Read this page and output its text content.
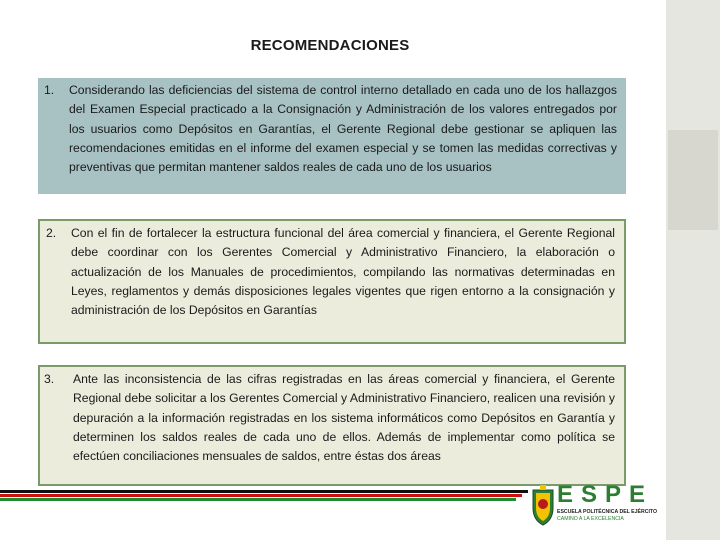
RECOMENDACIONES
1. Considerando las deficiencias del sistema de control interno detallado en cada uno de los hallazgos del Examen Especial practicado a la Consignación y Administración de los valores entregados por los usuarios como Depósitos en Garantías, el Gerente Regional debe gestionar se apliquen las recomendaciones emitidas en el informe del examen especial y se tomen las medidas correctivas y preventivas que permitan mantener saldos reales de cada uno de los usuarios
2. Con el fin de fortalecer la estructura funcional del área comercial y financiera, el Gerente Regional debe coordinar con los Gerentes Comercial y Administrativo Financiero, la elaboración o actualización de los Manuales de procedimientos, compilando las normativas determinadas en Leyes, reglamentos y demás disposiciones legales vigentes que rigen entorno a la consignación y administración de los Depósitos en Garantías
3. Ante las inconsistencia de las cifras registradas en las áreas comercial y financiera, el Gerente Regional debe solicitar a los Gerentes Comercial y Administrativo Financiero, realicen una revisión y depuración a la información registradas en los sistema informáticos como Depósitos en Garantía y determinen los saldos reales de cada uno de ellos. Además de implementar como política se efectúen conciliaciones mensuales de saldos, entre éstas dos áreas
ESPE
ESCUELA POLITÉCNICA DEL EJÉRCITO
CAMINO A LA EXCELENCIA
